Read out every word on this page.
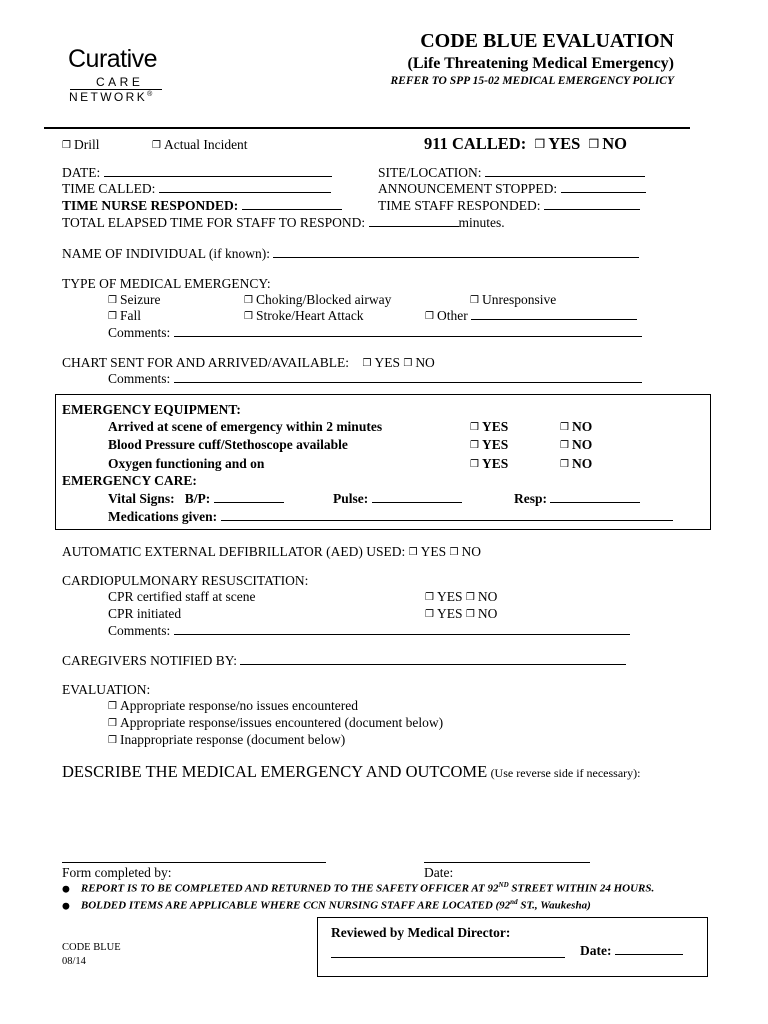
Curative
CARE
NETWORK®
CODE BLUE EVALUATION
(Life Threatening Medical Emergency)
REFER TO SPP 15-02 MEDICAL EMERGENCY POLICY
❒ Drill	❒ Actual Incident	911 CALLED: ❒ YES ❒ NO
DATE:	SITE/LOCATION:
TIME CALLED:	ANNOUNCEMENT STOPPED:
TIME NURSE RESPONDED:	TIME STAFF RESPONDED:
TOTAL ELAPSED TIME FOR STAFF TO RESPOND:	minutes.
NAME OF INDIVIDUAL (if known):
TYPE OF MEDICAL EMERGENCY:
❒ Seizure	❒ Choking/Blocked airway	❒ Unresponsive
❒ Fall	❒ Stroke/Heart Attack	❒ Other
Comments:
CHART SENT FOR AND ARRIVED/AVAILABLE: ❒ YES ❒ NO
Comments:
EMERGENCY EQUIPMENT:
Arrived at scene of emergency within 2 minutes	❒ YES	❒ NO
Blood Pressure cuff/Stethoscope available	❒ YES	❒ NO
Oxygen functioning and on	❒ YES	❒ NO
EMERGENCY CARE:
Vital Signs: B/P:	Pulse:	Resp:
Medications given:
AUTOMATIC EXTERNAL DEFIBRILLATOR (AED) USED: ❒ YES ❒ NO
CARDIOPULMONARY RESUSCITATION:
CPR certified staff at scene	❒ YES ❒ NO
CPR initiated	❒ YES ❒ NO
Comments:
CAREGIVERS NOTIFIED BY:
EVALUATION:
❒ Appropriate response/no issues encountered
❒ Appropriate response/issues encountered (document below)
❒ Inappropriate response (document below)
DESCRIBE THE MEDICAL EMERGENCY AND OUTCOME (Use reverse side if necessary):
Form completed by:	Date:
● REPORT IS TO BE COMPLETED AND RETURNED TO THE SAFETY OFFICER AT 92ND STREET WITHIN 24 HOURS.
● BOLDED ITEMS ARE APPLICABLE WHERE CCN NURSING STAFF ARE LOCATED (92nd ST., Waukesha)
Reviewed by Medical Director:
Date:
CODE BLUE
08/14
